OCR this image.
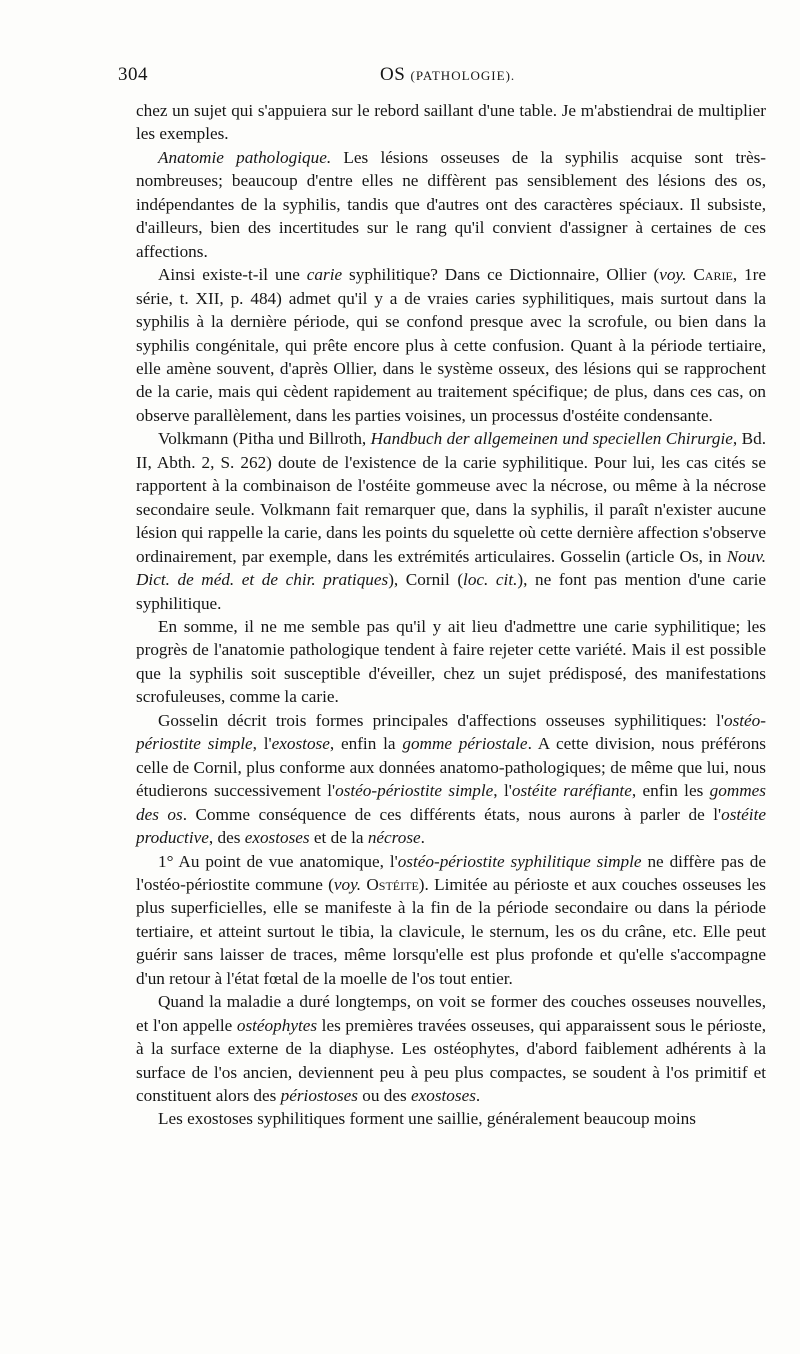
304	OS (PATHOLOGIE).

chez un sujet qui s'appuiera sur le rebord saillant d'une table. Je m'abstiendrai de multiplier les exemples.

Anatomie pathologique. Les lésions osseuses de la syphilis acquise sont très-nombreuses; beaucoup d'entre elles ne diffèrent pas sensiblement des lésions des os, indépendantes de la syphilis, tandis que d'autres ont des caractères spéciaux. Il subsiste, d'ailleurs, bien des incertitudes sur le rang qu'il convient d'assigner à certaines de ces affections.

Ainsi existe-t-il une carie syphilitique? Dans ce Dictionnaire, Ollier (voy. Carie, 1re série, t. XII, p. 484) admet qu'il y a de vraies caries syphilitiques, mais surtout dans la syphilis à la dernière période, qui se confond presque avec la scrofule, ou bien dans la syphilis congénitale, qui prête encore plus à cette confusion. Quant à la période tertiaire, elle amène souvent, d'après Ollier, dans le système osseux, des lésions qui se rapprochent de la carie, mais qui cèdent rapidement au traitement spécifique; de plus, dans ces cas, on observe parallèlement, dans les parties voisines, un processus d'ostéite condensante.

Volkmann (Pitha und Billroth, Handbuch der allgemeinen und speciellen Chirurgie, Bd. II, Abth. 2, S. 262) doute de l'existence de la carie syphilitique. Pour lui, les cas cités se rapportent à la combinaison de l'ostéite gommeuse avec la nécrose, ou même à la nécrose secondaire seule. Volkmann fait remarquer que, dans la syphilis, il paraît n'exister aucune lésion qui rappelle la carie, dans les points du squelette où cette dernière affection s'observe ordinairement, par exemple, dans les extrémités articulaires. Gosselin (article Os, in Nouv. Dict. de méd. et de chir. pratiques), Cornil (loc. cit.), ne font pas mention d'une carie syphilitique.

En somme, il ne me semble pas qu'il y ait lieu d'admettre une carie syphilitique; les progrès de l'anatomie pathologique tendent à faire rejeter cette variété. Mais il est possible que la syphilis soit susceptible d'éveiller, chez un sujet prédisposé, des manifestations scrofuleuses, comme la carie.

Gosselin décrit trois formes principales d'affections osseuses syphilitiques: l'ostéo-périostite simple, l'exostose, enfin la gomme périostale. A cette division, nous préférons celle de Cornil, plus conforme aux données anatomo-pathologiques; de même que lui, nous étudierons successivement l'ostéo-périostite simple, l'ostéite raréfiante, enfin les gommes des os. Comme conséquence de ces différents états, nous aurons à parler de l'ostéite productive, des exostoses et de la nécrose.

1° Au point de vue anatomique, l'ostéo-périostite syphilitique simple ne diffère pas de l'ostéo-périostite commune (voy. Ostéite). Limitée au périoste et aux couches osseuses les plus superficielles, elle se manifeste à la fin de la période secondaire ou dans la période tertiaire, et atteint surtout le tibia, la clavicule, le sternum, les os du crâne, etc. Elle peut guérir sans laisser de traces, même lorsqu'elle est plus profonde et qu'elle s'accompagne d'un retour à l'état fœtal de la moelle de l'os tout entier.

Quand la maladie a duré longtemps, on voit se former des couches osseuses nouvelles, et l'on appelle ostéophytes les premières travées osseuses, qui apparaissent sous le périoste, à la surface externe de la diaphyse. Les ostéophytes, d'abord faiblement adhérents à la surface de l'os ancien, deviennent peu à peu plus compactes, se soudent à l'os primitif et constituent alors des périostoses ou des exostoses.

Les exostoses syphilitiques forment une saillie, généralement beaucoup moins
